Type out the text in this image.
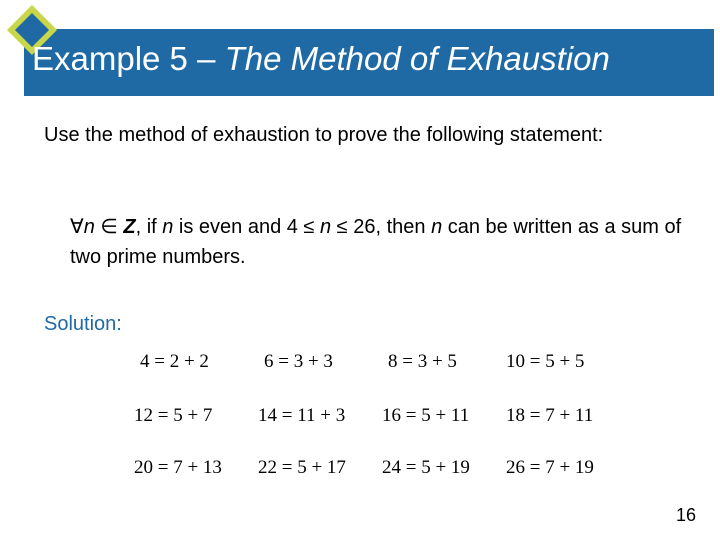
Example 5 – The Method of Exhaustion
Use the method of exhaustion to prove the following statement:
∀n ∈ Z, if n is even and 4 ≤ n ≤ 26, then n can be written as a sum of two prime numbers.
Solution:
4 = 2 + 2	6 = 3 + 3	8 = 3 + 5	10 = 5 + 5
12 = 5 + 7 14 = 11 + 3 16 = 5 + 11 18 = 7 + 11
20 = 7 + 13 22 = 5 + 17 24 = 5 + 19 26 = 7 + 19
16
